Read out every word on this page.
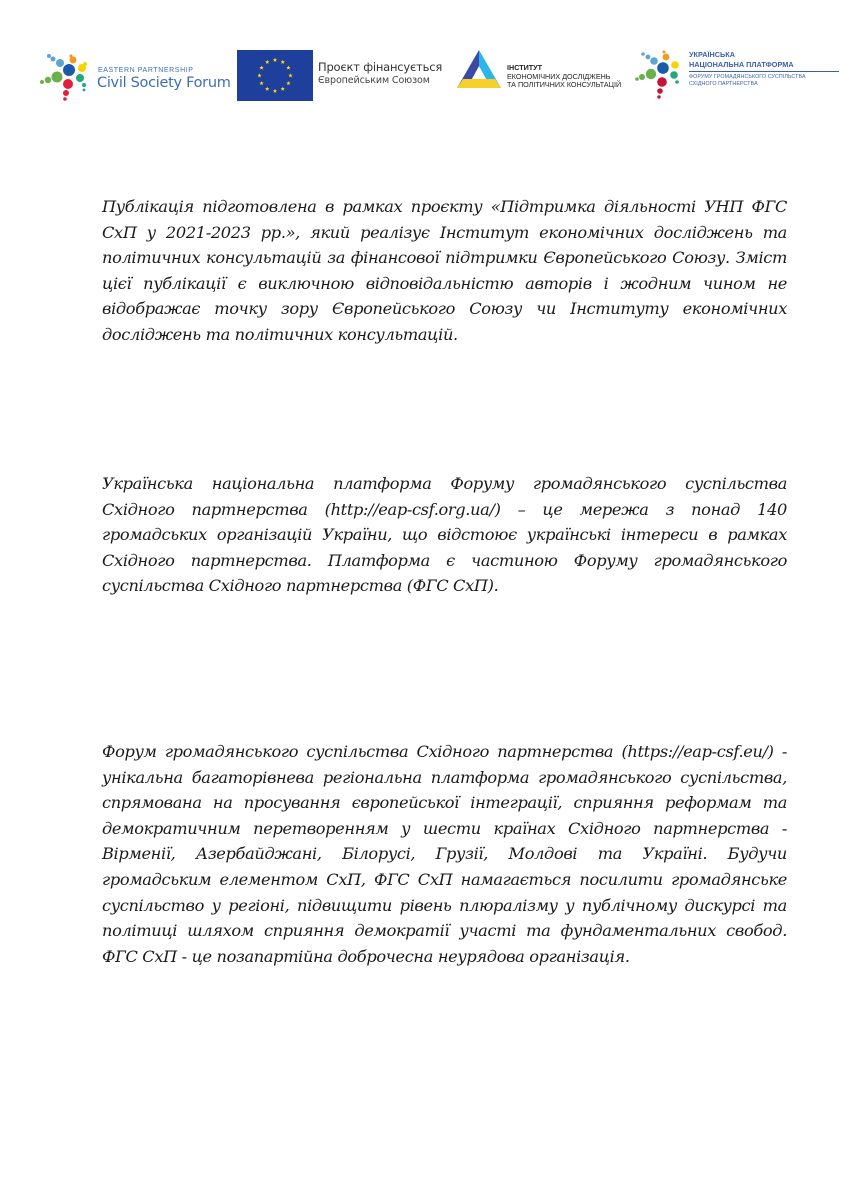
EASTERN PARTNERSHIP
Civil Society Forum
Проєкт фінансується
Європейським Союзом
ІНСТИТУТ
ЕКОНОМІЧНИХ ДОСЛІДЖЕНЬ
ТА ПОЛІТИЧНИХ КОНСУЛЬТАЦІЙ
УКРАЇНСЬКА
НАЦІОНАЛЬНА ПЛАТФОРМА
ФОРУМУ ГРОМАДЯНСЬКОГО СУСПІЛЬСТВА
СХІДНОГО ПАРТНЕРСТВА

Публікація підготовлена в рамках проєкту «Підтримка діяльності УНП ФГС СхП у 2021-2023 рр.», який реалізує Інститут економічних досліджень та політичних консультацій за фінансової підтримки Європейського Союзу. Зміст цієї публікації є виключною відповідальністю авторів і жодним чином не відображає точку зору Європейського Союзу чи Інституту економічних досліджень та політичних консультацій.

Українська національна платформа Форуму громадянського суспільства Східного партнерства (http://eap-csf.org.ua/) – це мережа з понад 140 громадських організацій України, що відстоює українські інтереси в рамках Східного партнерства. Платформа є частиною Форуму громадянського суспільства Східного партнерства (ФГС СхП).

Форум громадянського суспільства Східного партнерства (https://eap-csf.eu/) - унікальна багаторівнева регіональна платформа громадянського суспільства, спрямована на просування європейської інтеграції, сприяння реформам та демократичним перетворенням у шести країнах Східного партнерства - Вірменії, Азербайджані, Білорусі, Грузії, Молдові та Україні. Будучи громадським елементом СхП, ФГС СхП намагається посилити громадянське суспільство у регіоні, підвищити рівень плюралізму у публічному дискурсі та політиці шляхом сприяння демократії участі та фундаментальних свобод. ФГС СхП - це позапартійна доброчесна неурядова організація.
